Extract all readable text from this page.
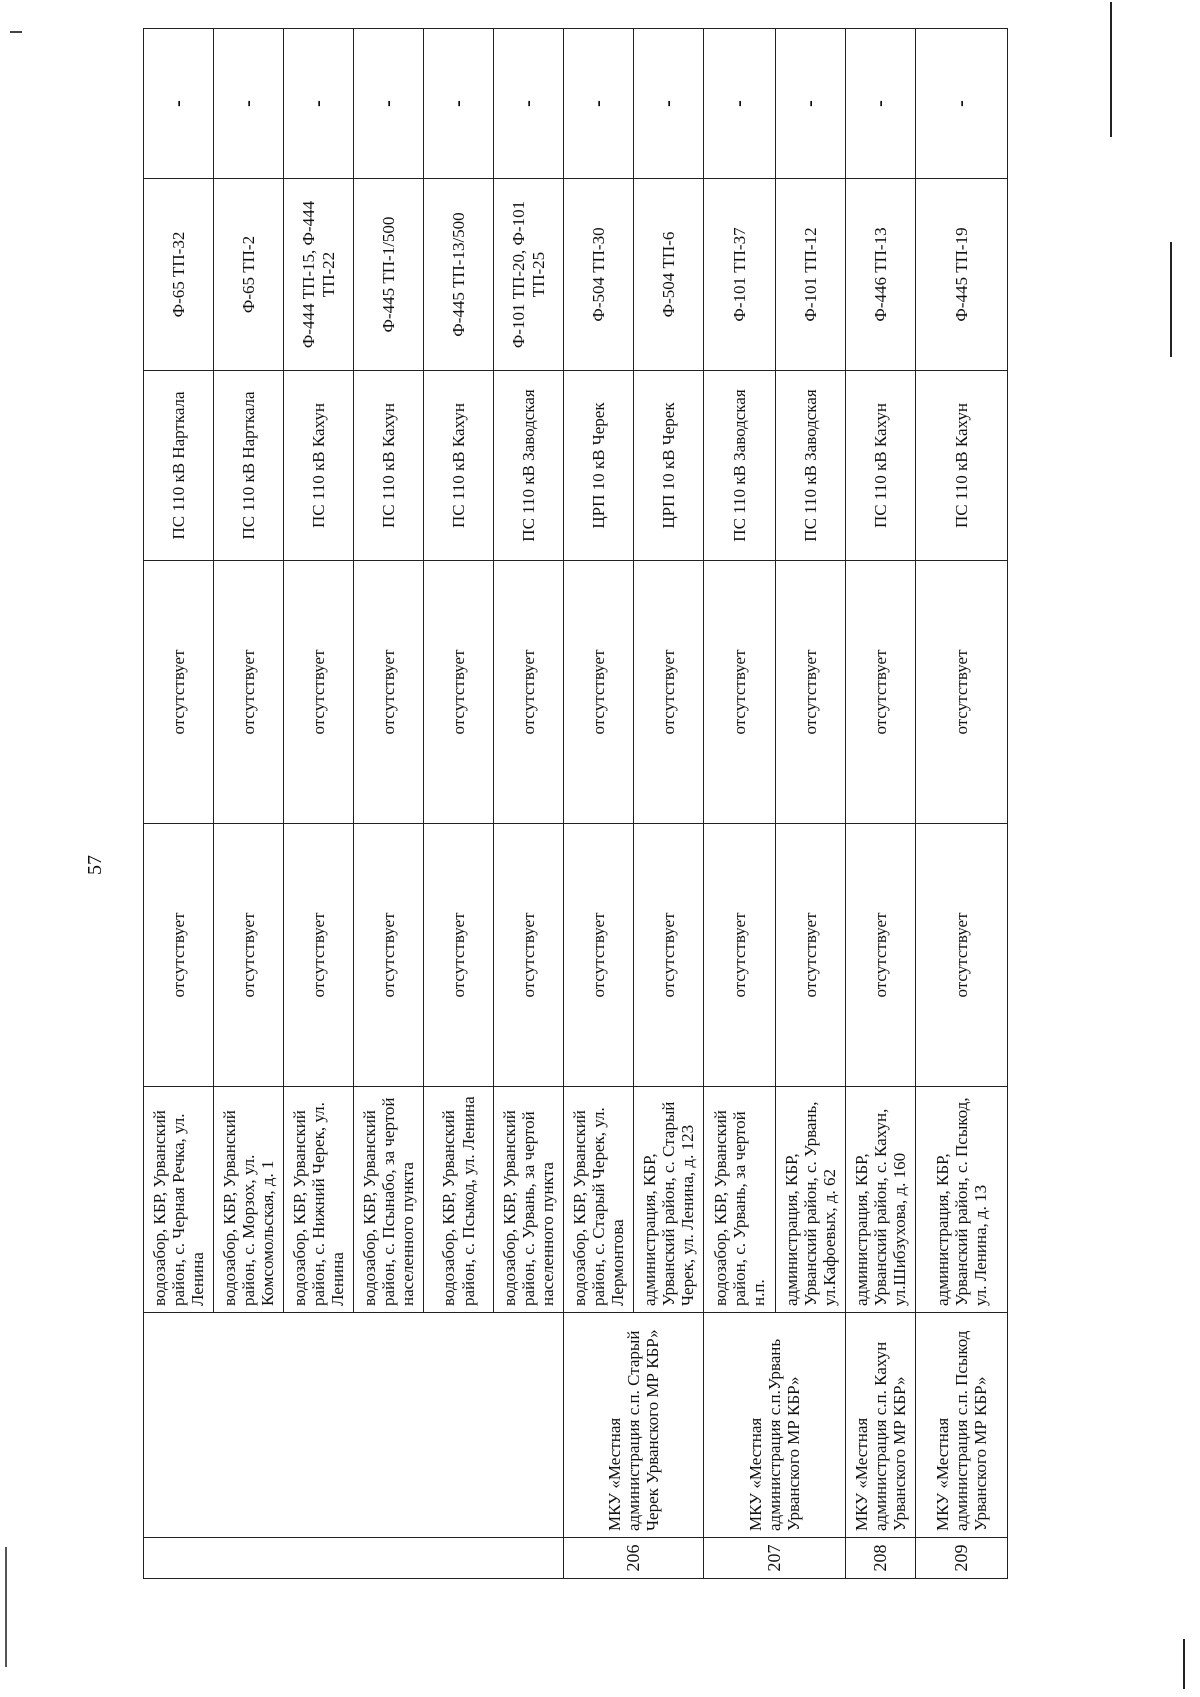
57
		водозабор, КБР, Урванский район, с. Черная Речка, ул. Ленина	отсутствует	отсутствует	ПС 110 кВ Нарткала	Ф-65 ТП-32	-
		водозабор, КБР, Урванский район, с. Морзох, ул. Комсомольская, д. 1	отсутствует	отсутствует	ПС 110 кВ Нарткала	Ф-65 ТП-2	-
		водозабор, КБР, Урванский район, с. Нижний Черек, ул. Ленина	отсутствует	отсутствует	ПС 110 кВ Кахун	Ф-444 ТП-15, Ф-444 ТП-22	-
		водозабор, КБР, Урванский район, с. Псынабо, за чертой населенного пункта	отсутствует	отсутствует	ПС 110 кВ Кахун	Ф-445 ТП-1/500	-
		водозабор, КБР, Урванский район, с. Псыкод, ул. Ленина	отсутствует	отсутствует	ПС 110 кВ Кахун	Ф-445 ТП-13/500	-
		водозабор, КБР, Урванский район, с. Урвань, за чертой населенного пункта	отсутствует	отсутствует	ПС 110 кВ Заводская	Ф-101 ТП-20, Ф-101 ТП-25	-
206	МКУ «Местная администрация с.п. Старый Черек Урванского МР КБР»	водозабор, КБР, Урванский район, с. Старый Черек, ул. Лермонтова	отсутствует	отсутствует	ЦРП 10 кВ Черек	Ф-504 ТП-30	-
		администрация, КБР, Урванский район, с. Старый Черек, ул. Ленина, д. 123	отсутствует	отсутствует	ЦРП 10 кВ Черек	Ф-504 ТП-6	-
207	МКУ «Местная администрация с.п.Урвань Урванского МР КБР»	водозабор, КБР, Урванский район, с. Урвань, за чертой н.п.	отсутствует	отсутствует	ПС 110 кВ Заводская	Ф-101 ТП-37	-
		администрация, КБР, Урванский район, с. Урвань, ул.Кафоевых, д. 62	отсутствует	отсутствует	ПС 110 кВ Заводская	Ф-101 ТП-12	-
208	МКУ «Местная администрация с.п. Кахун Урванского МР КБР»	администрация, КБР, Урванский район, с. Кахун, ул.Шибзухова, д. 160	отсутствует	отсутствует	ПС 110 кВ Кахун	Ф-446 ТП-13	-
209	МКУ «Местная администрация с.п. Псыкод Урванского МР КБР»	администрация, КБР, Урванский район, с. Псыкод, ул. Ленина, д. 13	отсутствует	отсутствует	ПС 110 кВ Кахун	Ф-445 ТП-19	-
